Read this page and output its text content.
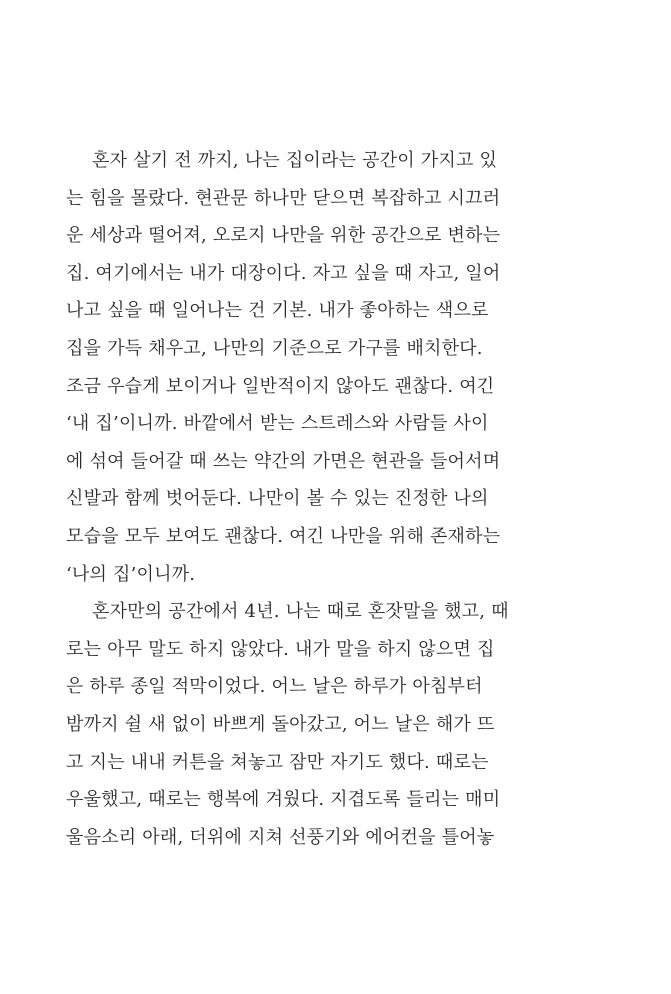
혼자 살기 전 까지, 나는 집이라는 공간이 가지고 있
는 힘을 몰랐다. 현관문 하나만 닫으면 복잡하고 시끄러
운 세상과 떨어져, 오로지 나만을 위한 공간으로 변하는
집. 여기에서는 내가 대장이다. 자고 싶을 때 자고, 일어
나고 싶을 때 일어나는 건 기본. 내가 좋아하는 색으로
집을 가득 채우고, 나만의 기준으로 가구를 배치한다.
조금 우습게 보이거나 일반적이지 않아도 괜찮다. 여긴
‘내 집’이니까. 바깥에서 받는 스트레스와 사람들 사이
에 섞여 들어갈 때 쓰는 약간의 가면은 현관을 들어서며
신발과 함께 벗어둔다. 나만이 볼 수 있는 진정한 나의
모습을 모두 보여도 괜찮다. 여긴 나만을 위해 존재하는
‘나의 집’이니까.
혼자만의 공간에서 4년. 나는 때로 혼잣말을 했고, 때
로는 아무 말도 하지 않았다. 내가 말을 하지 않으면 집
은 하루 종일 적막이었다. 어느 날은 하루가 아침부터
밤까지 쉴 새 없이 바쁘게 돌아갔고, 어느 날은 해가 뜨
고 지는 내내 커튼을 쳐놓고 잠만 자기도 했다. 때로는
우울했고, 때로는 행복에 겨웠다. 지겹도록 들리는 매미
울음소리 아래, 더위에 지쳐 선풍기와 에어컨을 틀어놓
